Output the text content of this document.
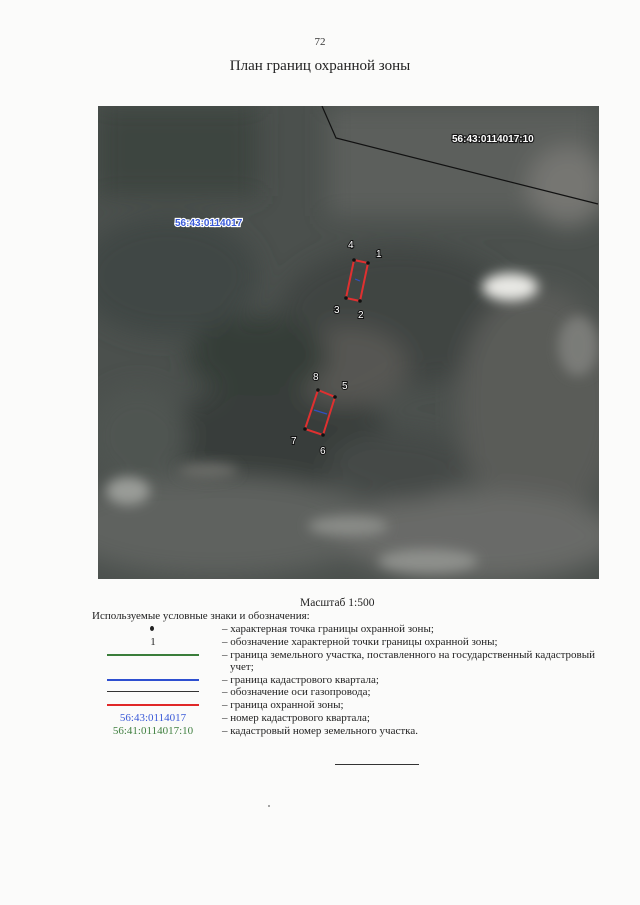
72
План границ охранной зоны
56:43:0114017:10
56:43:0114017
1
2
3
4
5
6
7
8
Масштаб 1:500
Используемые условные знаки и обозначения:
– характерная точка границы охранной зоны;
1	– обозначение характерной точки границы охранной зоны;
– граница земельного участка, поставленного на государственный кадастровый
учет;
– граница кадастрового квартала;
– обозначение оси газопровода;
– граница охранной зоны;
56:43:0114017	– номер кадастрового квартала;
56:41:0114017:10	– кадастровый номер земельного участка.
